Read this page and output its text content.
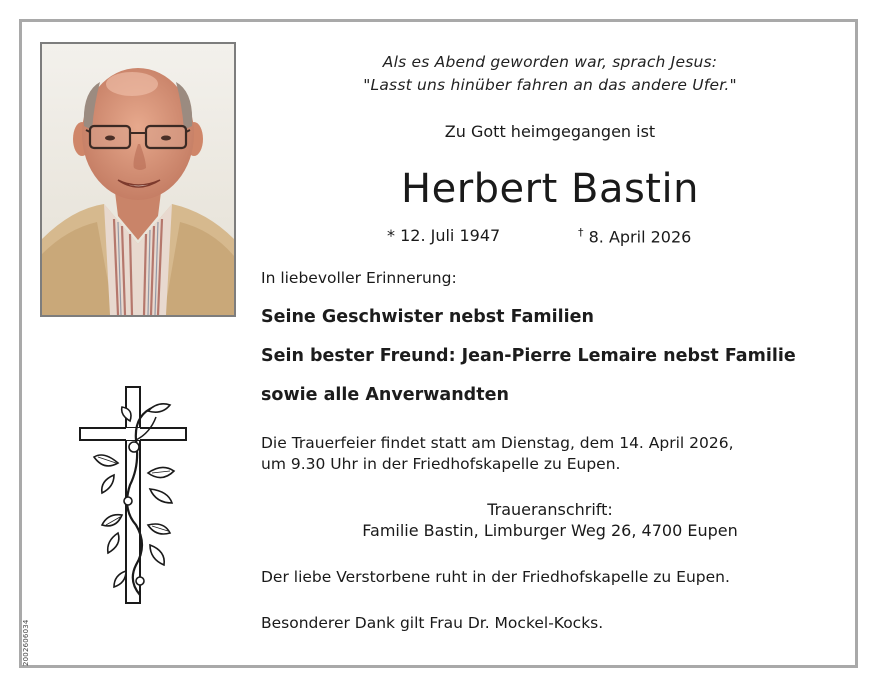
2002606034
Als es Abend geworden war, sprach Jesus:
"Lasst uns hinüber fahren an das andere Ufer."
Zu Gott heimgegangen ist
Herbert Bastin
* 12. Juli 1947	† 8. April 2026
In liebevoller Erinnerung:
Seine Geschwister nebst Familien
Sein bester Freund: Jean-Pierre Lemaire nebst Familie
sowie alle Anverwandten
Die Trauerfeier findet statt am Dienstag, dem 14. April 2026,
um 9.30 Uhr in der Friedhofskapelle zu Eupen.
Traueranschrift:
Familie Bastin, Limburger Weg 26, 4700 Eupen
Der liebe Verstorbene ruht in der Friedhofskapelle zu Eupen.
Besonderer Dank gilt Frau Dr. Mockel-Kocks.
